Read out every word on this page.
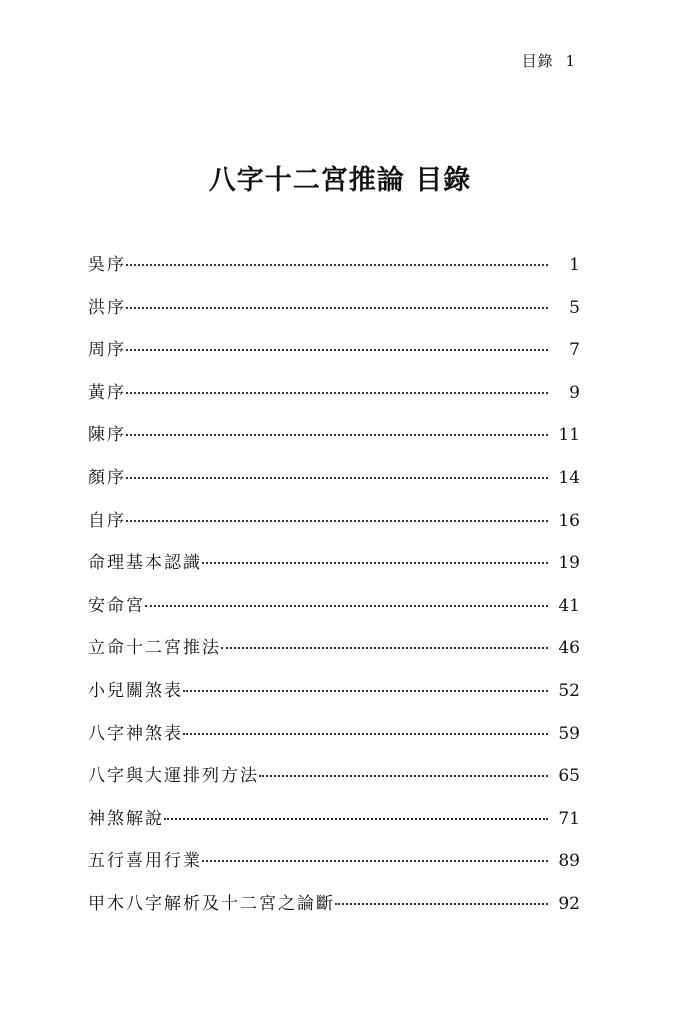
目錄 1
八字十二宮推論 目錄
吳序	1
洪序	5
周序	7
黃序	9
陳序	11
顏序	14
自序	16
命理基本認識	19
安命宮	41
立命十二宮推法	46
小兒關煞表	52
八字神煞表	59
八字與大運排列方法	65
神煞解說	71
五行喜用行業	89
甲木八字解析及十二宮之論斷	92
